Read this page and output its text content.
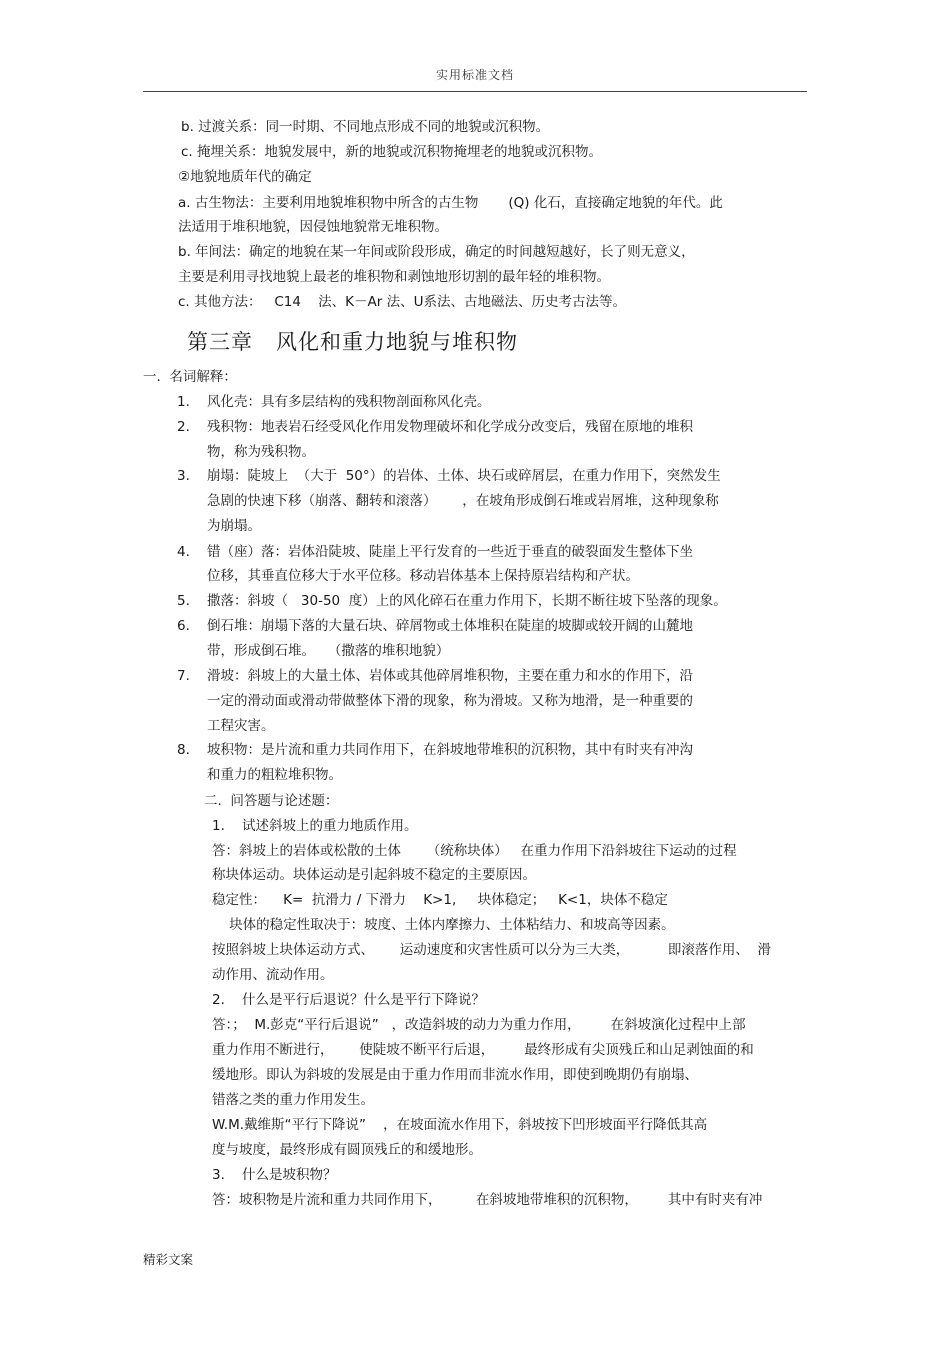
实用标准文档
b. 过渡关系：同一时期、不同地点形成不同的地貌或沉积物。
c. 掩埋关系：地貌发展中，新的地貌或沉积物掩埋老的地貌或沉积物。
②地貌地质年代的确定
a. 古生物法：主要利用地貌堆积物中所含的古生物       (Q) 化石，直接确定地貌的年代。此
法适用于堆积地貌，因侵蚀地貌常无堆积物。
b. 年间法：确定的地貌在某一年间或阶段形成，确定的时间越短越好，长了则无意义，
主要是利用寻找地貌上最老的堆积物和剥蚀地形切割的最年轻的堆积物。
c. 其他方法：   C14    法、K－Ar 法、U系法、古地磁法、历史考古法等。
第三章   风化和重力地貌与堆积物
一.  名词解释：
1.    风化壳：具有多层结构的残积物剖面称风化壳。
2.    残积物：地表岩石经受风化作用发物理破坏和化学成分改变后，残留在原地的堆积
物，称为残积物。
3.    崩塌：陡坡上  （大于  50°）的岩体、土体、块石或碎屑层，在重力作用下，突然发生
急剧的快速下移（崩落、翻转和滚落）      ，在坡角形成倒石堆或岩屑堆，这种现象称
为崩塌。
4.    错（座）落：岩体沿陡坡、陡崖上平行发育的一些近于垂直的破裂面发生整体下坐
位移，其垂直位移大于水平位移。移动岩体基本上保持原岩结构和产状。
5.    撒落：斜坡（   30-50  度）上的风化碎石在重力作用下，长期不断往坡下坠落的现象。
6.    倒石堆：崩塌下落的大量石块、碎屑物或土体堆积在陡崖的坡脚或较开阔的山麓地
带，形成倒石堆。   （撒落的堆积地貌）
7.    滑坡：斜坡上的大量土体、岩体或其他碎屑堆积物，主要在重力和水的作用下，沿
一定的滑动面或滑动带做整体下滑的现象，称为滑坡。又称为地滑，是一种重要的
工程灾害。
8.    坡积物：是片流和重力共同作用下，在斜坡地带堆积的沉积物，其中有时夹有冲沟
和重力的粗粒堆积物。
二.  问答题与论述题：
1.    试述斜坡上的重力地质作用。
答：斜坡上的岩体或松散的土体      （统称块体）   在重力作用下沿斜坡往下运动的过程
称块体运动。块体运动是引起斜坡不稳定的主要原因。
稳定性：    K=  抗滑力 / 下滑力    K>1,     块体稳定；   K<1，块体不稳定
块体的稳定性取决于：坡度、土体内摩擦力、土体粘结力、和坡高等因素。
按照斜坡上块体运动方式、      运动速度和灾害性质可以分为三大类，         即滚落作用、  滑
动作用、流动作用。
2.    什么是平行后退说？什么是平行下降说？
答：；  M.彭克“平行后退说”   ，改造斜坡的动力为重力作用，       在斜坡演化过程中上部
重力作用不断进行，      使陡坡不断平行后退，       最终形成有尖顶残丘和山足剥蚀面的和
缓地形。即认为斜坡的发展是由于重力作用而非流水作用，即使到晚期仍有崩塌、
错落之类的重力作用发生。
W.M.戴维斯“平行下降说”    ，在坡面流水作用下，斜坡按下凹形坡面平行降低其高
度与坡度，最终形成有圆顶残丘的和缓地形。
3.    什么是坡积物？
答：坡积物是片流和重力共同作用下，        在斜坡地带堆积的沉积物，       其中有时夹有冲
精彩文案
